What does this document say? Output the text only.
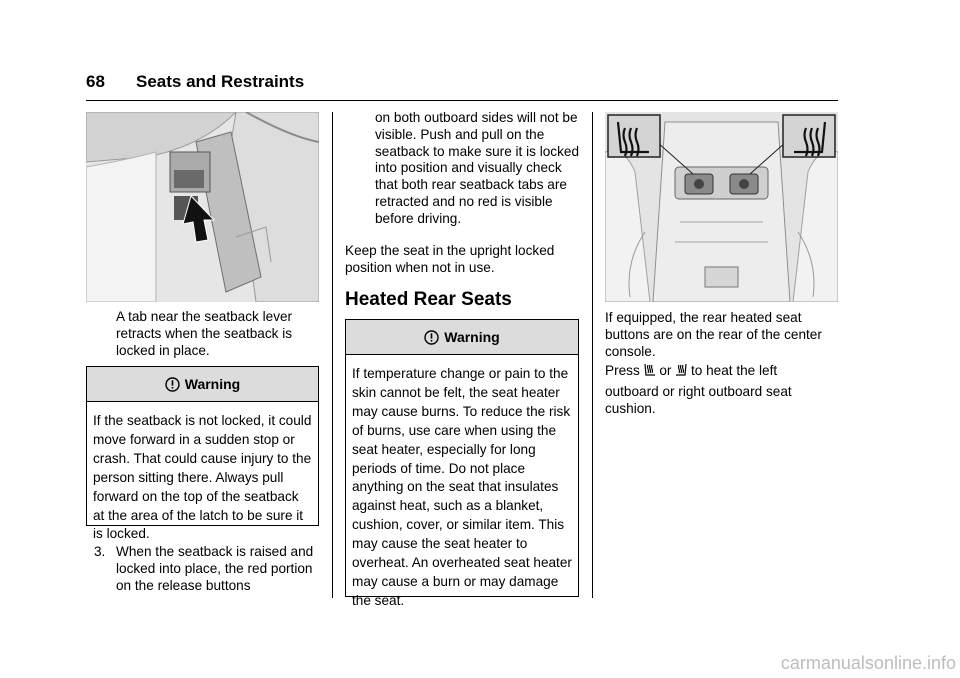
68 Seats and Restraints

A tab near the seatback lever retracts when the seatback is locked in place.

Warning
If the seatback is not locked, it could move forward in a sudden stop or crash. That could cause injury to the person sitting there. Always pull forward on the top of the seatback at the area of the latch to be sure it is locked.
3. When the seatback is raised and locked into place, the red portion on the release buttons

on both outboard sides will not be visible. Push and pull on the seatback to make sure it is locked into position and visually check that both rear seatback tabs are retracted and no red is visible before driving.

Keep the seat in the upright locked position when not in use.

Heated Rear Seats
Warning
If temperature change or pain to the skin cannot be felt, the seat heater may cause burns. To reduce the risk of burns, use care when using the seat heater, especially for long periods of time. Do not place anything on the seat that insulates against heat, such as a blanket, cushion, cover, or similar item. This may cause the seat heater to overheat. An overheated seat heater may cause a burn or may damage the seat.

If equipped, the rear heated seat buttons are on the rear of the center console.

Press or to heat the left

outboard or right outboard seat cushion.

carmanualsonline.info
